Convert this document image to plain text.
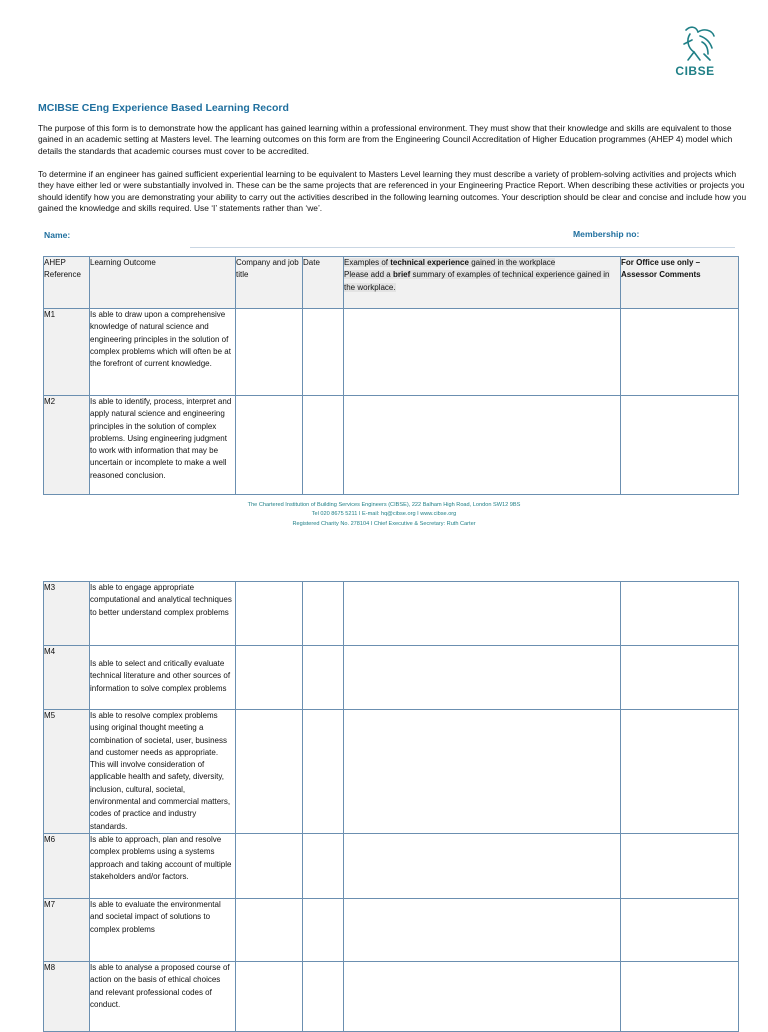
CIBSE
MCIBSE CEng Experience Based Learning Record

The purpose of this form is to demonstrate how the applicant has gained learning within a professional environment. They must show that their knowledge and skills are equivalent to those gained in an academic setting at Masters level. The learning outcomes on this form are from the Engineering Council Accreditation of Higher Education programmes (AHEP 4) model which details the standards that academic courses must cover to be accredited.

To determine if an engineer has gained sufficient experiential learning to be equivalent to Masters Level learning they must describe a variety of problem-solving activities and projects which they have either led or were substantially involved in. These can be the same projects that are referenced in your Engineering Practice Report. When describing these activities or projects you should identify how you are demonstrating your ability to carry out the activities described in the following learning outcomes. Your description should be clear and concise and include how you gained the knowledge and skills required. Use ‘I’ statements rather than ‘we’.

Name:	Membership no:
AHEP Reference	Learning Outcome	Company and job title	Date	Examples of technical experience gained in the workplace
Please add a brief summary of examples of technical experience gained in the workplace.	For Office use only – Assessor Comments
M1	Is able to draw upon a comprehensive knowledge of natural science and engineering principles in the solution of complex problems which will often be at the forefront of current knowledge.				
M2	Is able to identify, process, interpret and apply natural science and engineering principles in the solution of complex problems. Using engineering judgment to work with information that may be uncertain or incomplete to make a well reasoned conclusion.				
The Chartered Institution of Building Services Engineers (CIBSE), 222 Balham High Road, London SW12 9BS
Tel 020 8675 5211 I E-mail: hq@cibse.org I www.cibse.org
Registered Charity No. 278104 I Chief Executive & Secretary: Ruth Carter
M3	Is able to engage appropriate computational and analytical techniques to better understand complex problems				
M4	Is able to select and critically evaluate technical literature and other sources of information to solve complex problems				

M5	Is able to resolve complex problems using original thought meeting a combination of societal, user, business and customer needs as appropriate. This will involve consideration of applicable health and safety, diversity, inclusion, cultural, societal, environmental and commercial matters, codes of practice and industry standards.				
M6	Is able to approach, plan and resolve complex problems using a systems approach and taking account of multiple stakeholders and/or factors.				
M7	Is able to evaluate the environmental and societal impact of solutions to complex problems				
M8	Is able to analyse a proposed course of action on the basis of ethical choices and relevant professional codes of conduct.				
